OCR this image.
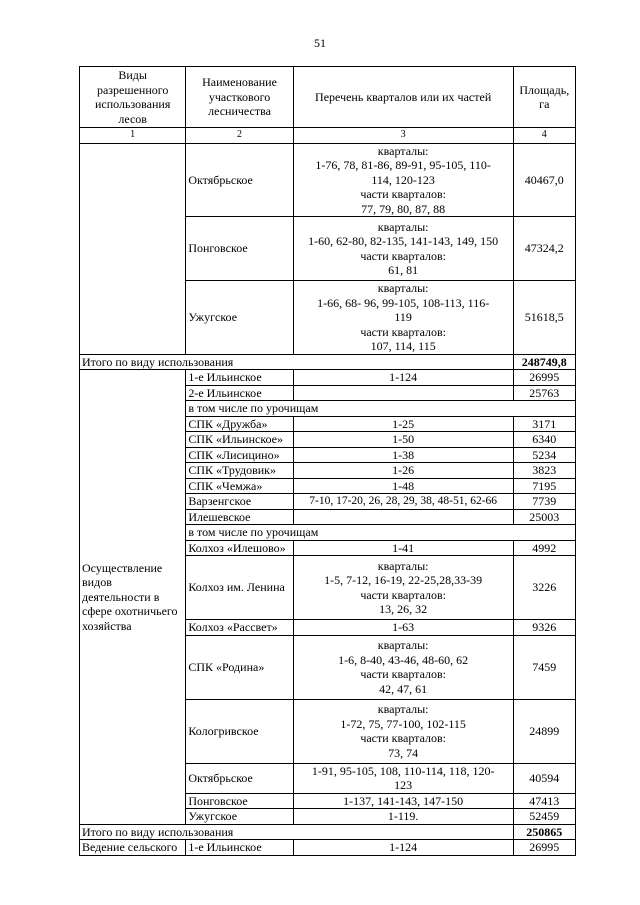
51
Виды разрешенного использования лесов	Наименование участкового лесничества	Перечень кварталов или их частей	Площадь, га
1	2	3	4
	Октябрьское	кварталы:
1-76, 78, 81-86, 89-91, 95-105, 110-
114, 120-123
части кварталов:
77, 79, 80, 87, 88	40467,0
	Понговское	кварталы:
1-60, 62-80, 82-135, 141-143, 149, 150
части кварталов:
61, 81	47324,2
	Ужугское	кварталы:
1-66, 68- 96, 99-105, 108-113, 116-
119
части кварталов:
107, 114, 115	51618,5
Итого по виду использования			248749,8
Осуществление видов деятельности в сфере охотничьего хозяйства	1-е Ильинское	1-124	26995
	2-е Ильинское		25763
	в том числе по урочищам		
	СПК «Дружба»	1-25	3171
	СПК «Ильинское»	1-50	6340
	СПК «Лисицино»	1-38	5234
	СПК «Трудовик»	1-26	3823
	СПК «Чемжа»	1-48	7195
	Варзенгское	7-10, 17-20, 26, 28, 29, 38, 48-51, 62-66	7739
	Илешевское		25003
	в том числе по урочищам		
	Колхоз «Илешово»	1-41	4992
	Колхоз им. Ленина	кварталы:
1-5, 7-12, 16-19, 22-25,28,33-39
части кварталов:
13, 26, 32	3226
	Колхоз «Рассвет»	1-63	9326
	СПК «Родина»	кварталы:
1-6, 8-40, 43-46, 48-60, 62
части кварталов:
42, 47, 61	7459
	Кологривское	кварталы:
1-72, 75, 77-100, 102-115
части кварталов:
73, 74	24899
	Октябрьское	1-91, 95-105, 108, 110-114, 118, 120-
123	40594
	Понговское	1-137, 141-143, 147-150	47413
	Ужугское	1-119.	52459
Итого по виду использования			250865
Ведение сельского	1-е Ильинское	1-124	26995
